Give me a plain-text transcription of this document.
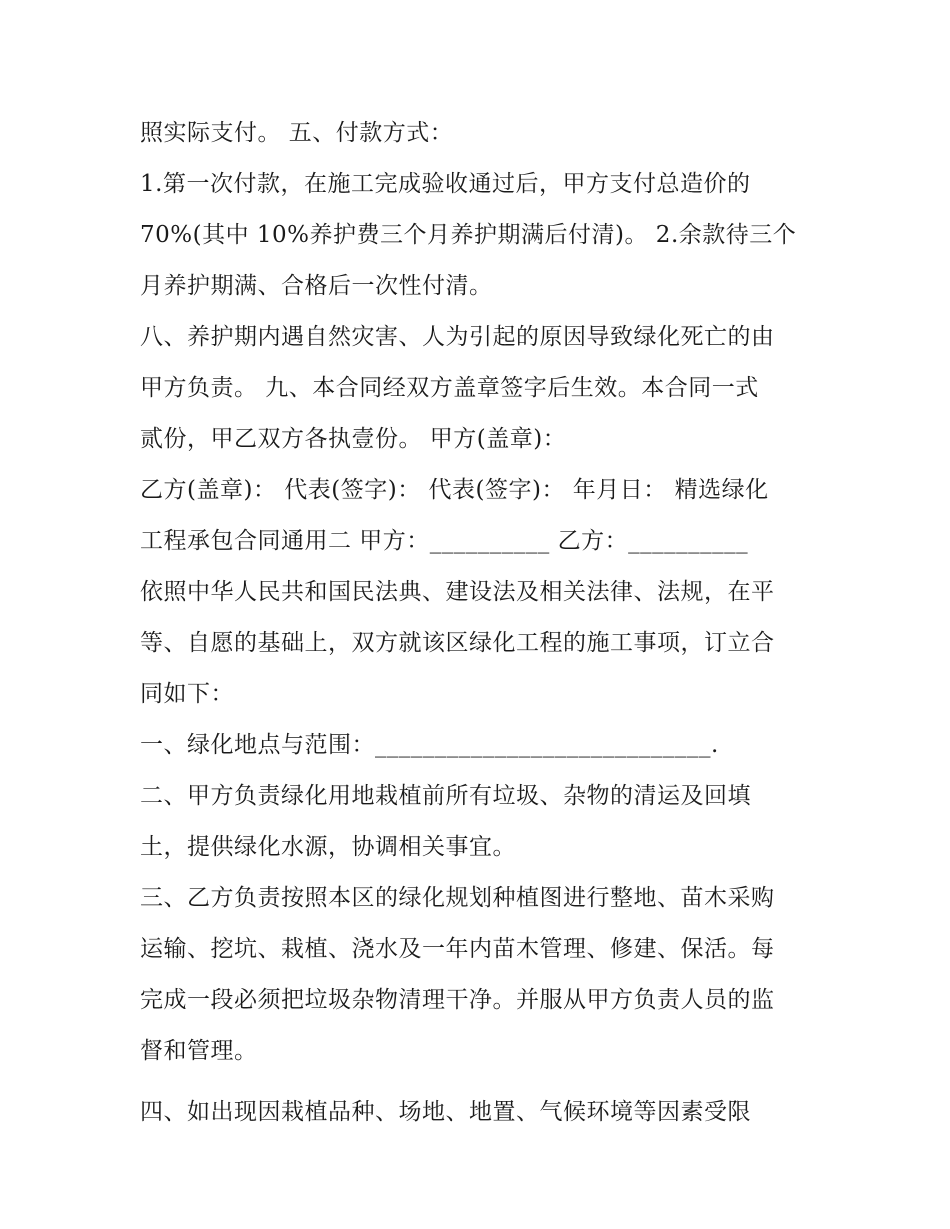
照实际支付。 五、付款方式：
1.第一次付款，在施工完成验收通过后，甲方支付总造价的
70%(其中 10%养护费三个月养护期满后付清)。 2.余款待三个
月养护期满、合格后一次性付清。
八、养护期内遇自然灾害、人为引起的原因导致绿化死亡的由
甲方负责。 九、本合同经双方盖章签字后生效。本合同一式
贰份，甲乙双方各执壹份。 甲方(盖章)：
乙方(盖章)： 代表(签字)： 代表(签字)： 年月日： 精选绿化
工程承包合同通用二 甲方：__________ 乙方：__________
依照中华人民共和国民法典、建设法及相关法律、法规，在平
等、自愿的基础上，双方就该区绿化工程的施工事项，订立合
同如下：
一、绿化地点与范围：____________________________.
二、甲方负责绿化用地栽植前所有垃圾、杂物的清运及回填
土，提供绿化水源，协调相关事宜。
三、乙方负责按照本区的绿化规划种植图进行整地、苗木采购
运输、挖坑、栽植、浇水及一年内苗木管理、修建、保活。每
完成一段必须把垃圾杂物清理干净。并服从甲方负责人员的监
督和管理。
四、如出现因栽植品种、场地、地置、气候环境等因素受限
